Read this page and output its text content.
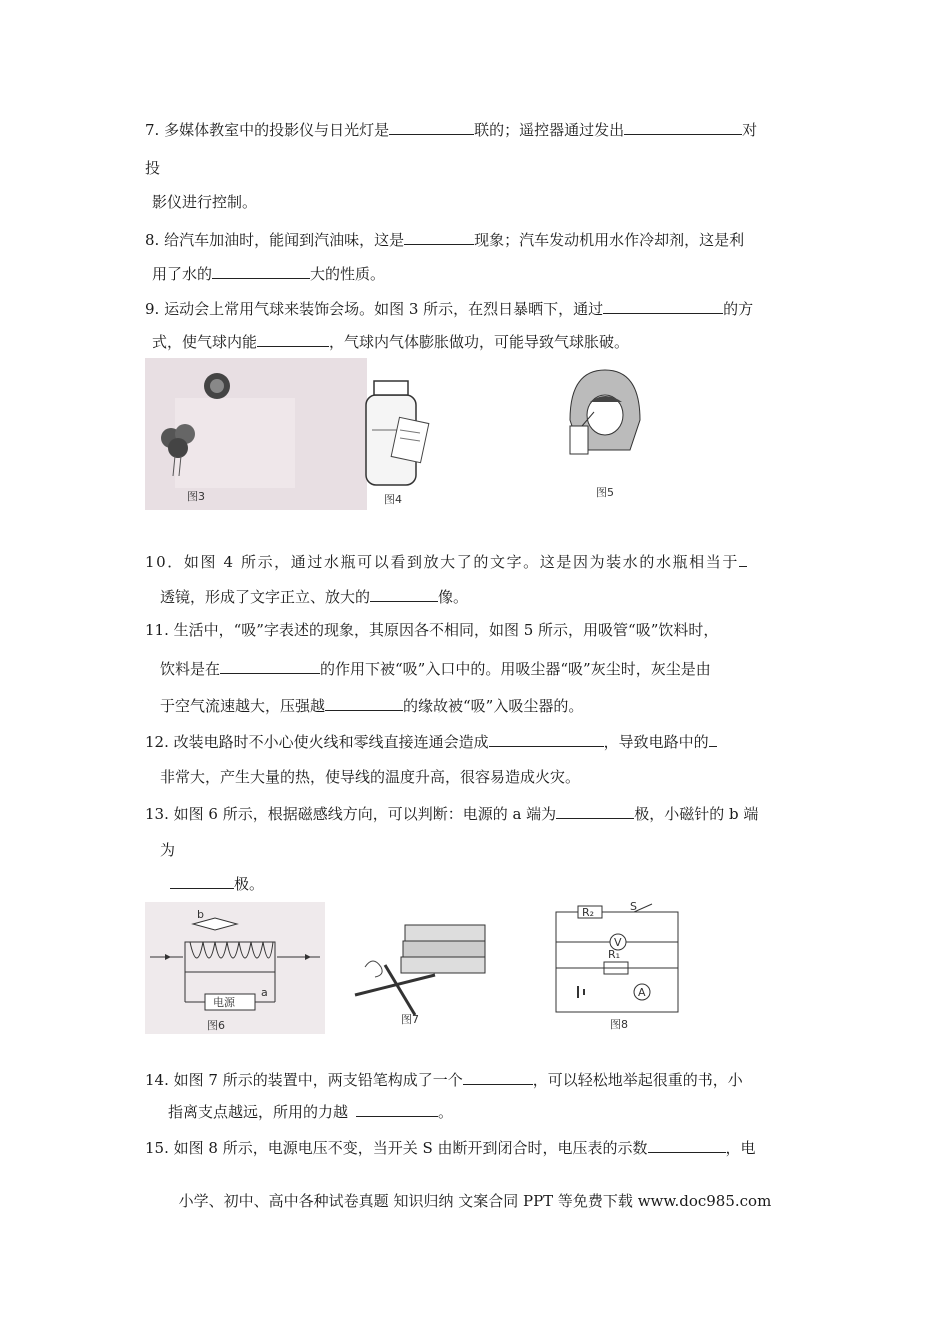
7. 多媒体教室中的投影仪与日光灯是	联的；遥控器通过发出	对
投
影仪进行控制。
8. 给汽车加油时，能闻到汽油味，这是	现象；汽车发动机用水作冷却剂，这是利
用了水的	大的性质。
9. 运动会上常用气球来装饰会场。如图 3 所示，在烈日暴晒下，通过	的方
式，使气球内能	，气球内气体膨胀做功，可能导致气球胀破。
图3	图4
图5
10．如图 4 所示，通过水瓶可以看到放大了的文字。这是因为装水的水瓶相当于
透镜，形成了文字正立、放大的	像。
11. 生活中，“吸”字表述的现象，其原因各不相同，如图 5 所示，用吸管“吸”饮料时，
饮料是在	的作用下被“吸”入口中的。用吸尘器“吸”灰尘时，灰尘是由
于空气流速越大，压强越	的缘故被“吸”入吸尘器的。
12. 改装电路时不小心使火线和零线直接连通会造成	，导致电路中的
非常大，产生大量的热，使导线的温度升高，很容易造成火灾。
13. 如图 6 所示，根据磁感线方向，可以判断：电源的 a 端为	极，小磁针的 b 端
为
极。
b
电源
a
图6	图7
R₂	S
V
R₁
A
图8
14. 如图 7 所示的装置中，两支铅笔构成了一个	，可以轻松地举起很重的书，小
指离支点越远，所用的力越	。
15. 如图 8 所示，电源电压不变，当开关 S 由断开到闭合时，电压表的示数	，电
小学、初中、高中各种试卷真题 知识归纳 文案合同 PPT 等免费下载 www.doc985.com
